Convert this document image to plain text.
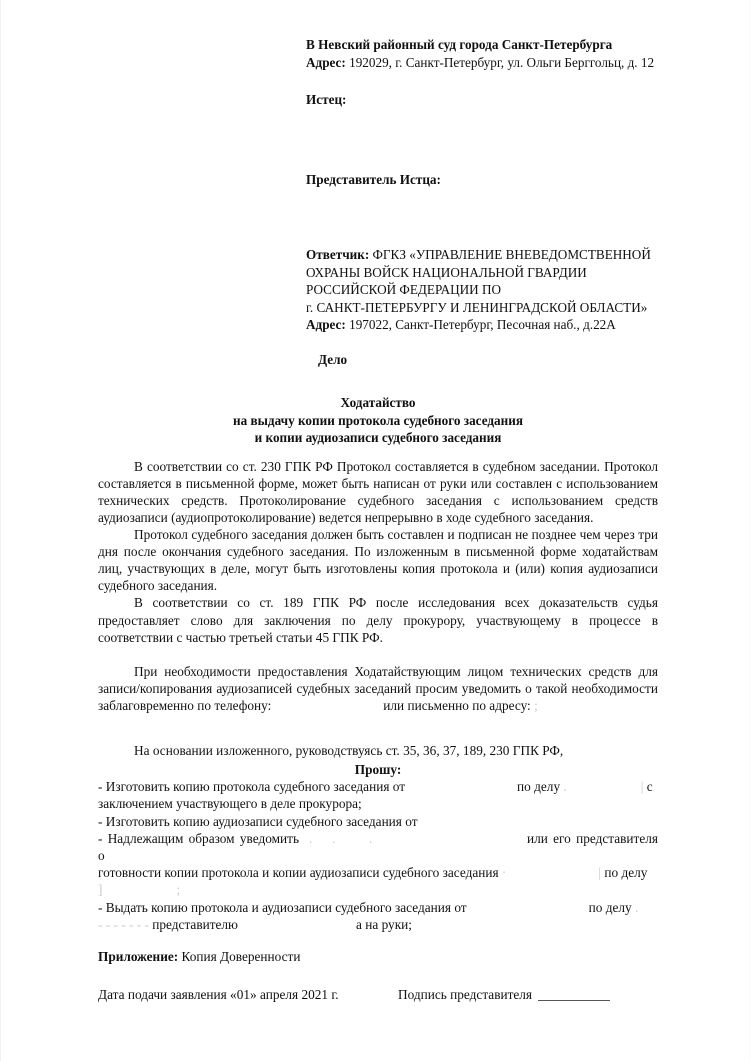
В Невский районный суд города Санкт-Петербурга
Адрес: 192029, г. Санкт-Петербург, ул. Ольги Берггольц, д. 12
Истец:
Представитель Истца:
Ответчик: ФГКЗ «УПРАВЛЕНИЕ ВНЕВЕДОМСТВЕННОЙ
ОХРАНЫ ВОЙСК НАЦИОНАЛЬНОЙ ГВАРДИИ
РОССИЙСКОЙ ФЕДЕРАЦИИ ПО
г. САНКТ-ПЕТЕРБУРГУ И ЛЕНИНГРАДСКОЙ ОБЛАСТИ»
Адрес: 197022, Санкт-Петербург, Песочная наб., д.22А
Дело
Ходатайство
на выдачу копии протокола судебного заседания
и копии аудиозаписи судебного заседания

В соответствии со ст. 230 ГПК РФ Протокол составляется в судебном заседании. Протокол составляется в письменной форме, может быть написан от руки или составлен с использованием технических средств. Протоколирование судебного заседания с использованием средств аудиозаписи (аудиопротоколирование) ведется непрерывно в ходе судебного заседания.

Протокол судебного заседания должен быть составлен и подписан не позднее чем через три дня после окончания судебного заседания. По изложенным в письменной форме ходатайствам лиц, участвующих в деле, могут быть изготовлены копия протокола и (или) копия аудиозаписи судебного заседания.

В соответствии со ст. 189 ГПК РФ после исследования всех доказательств судья предоставляет слово для заключения по делу прокурору, участвующему в процессе в соответствии с частью третьей статьи 45 ГПК РФ.

При необходимости предоставления Ходатайствующим лицом технических средств для записи/копирования аудиозаписей судебных заседаний просим уведомить о такой необходимости заблаговременно по телефону:	или письменно по адресу: ;

На основании изложенного, руководствуясь ст. 35, 36, 37, 189, 230 ГПК РФ,

Прошу:

- Изготовить копию протокола судебного заседания от	по делу .	| с

заключением участвующего в деле прокурора;

- Изготовить копию аудиозаписи судебного заседания от

- Надлежащим образом уведомить   .      .          .	или его представителя о

готовности копии протокола и копии аудиозаписи судебного заседания ·	| по делу

]	;

- Выдать копию протокола и аудиозаписи судебного заседания от	по делу .

- - - - - - - представителю	а на руки;

Приложение: Копия Доверенности
Дата подачи заявления «01» апреля 2021 г.	Подпись представителя
